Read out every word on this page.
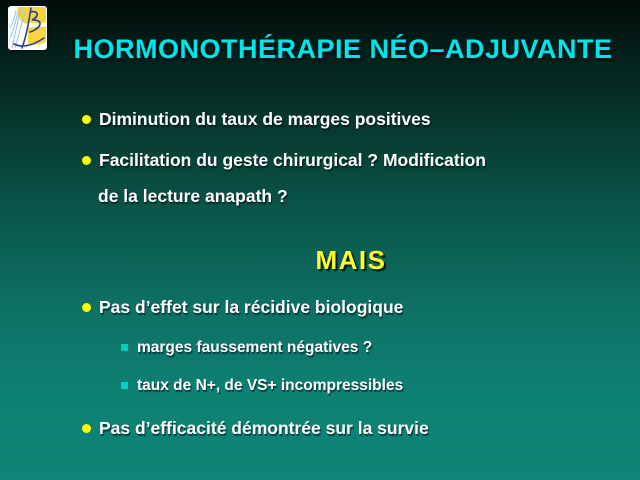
HORMONOTHÉRAPIE NÉO–ADJUVANTE
Diminution du taux de marges positives
Facilitation du geste chirurgical ? Modification
de la lecture anapath ?
MAIS
Pas d’effet sur la récidive biologique
marges faussement négatives ?
taux de N+, de VS+ incompressibles
Pas d’efficacité démontrée sur la survie
